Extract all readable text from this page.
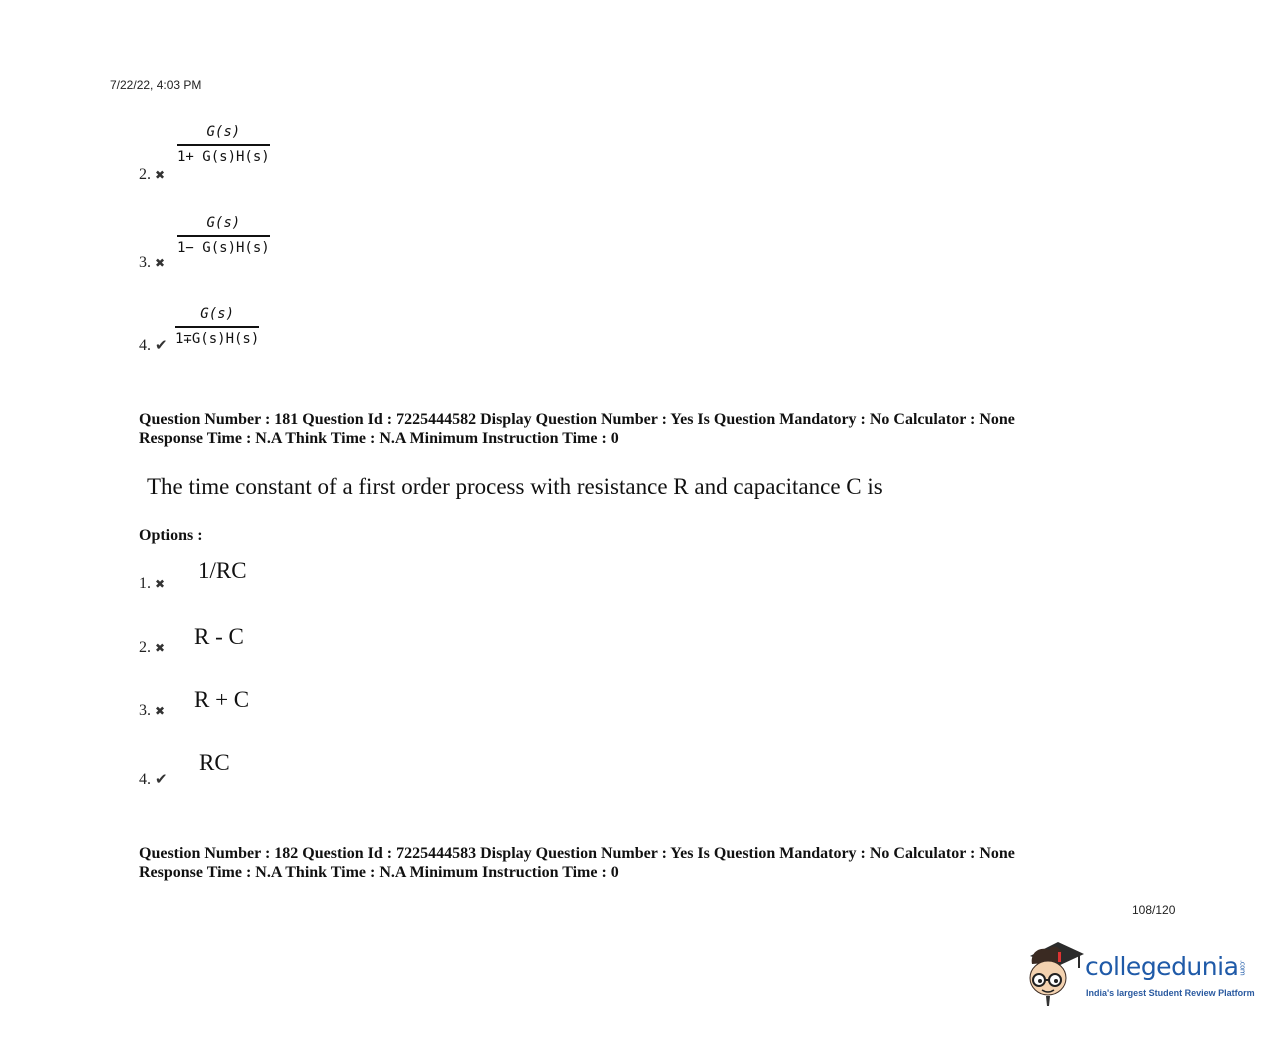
7/22/22, 4:03 PM
2. ✖
G(s)
1+ G(s)H(s)
3. ✖
G(s)
1− G(s)H(s)
4. ✔
G(s)
1∓G(s)H(s)
Question Number : 181 Question Id : 7225444582 Display Question Number : Yes Is Question Mandatory : No Calculator : None
Response Time : N.A Think Time : N.A Minimum Instruction Time : 0
The time constant of a first order process with resistance R and capacitance C is
Options :
1. ✖
1/RC
2. ✖ R - C
3. ✖ R + C
4. ✔
RC
Question Number : 182 Question Id : 7225444583 Display Question Number : Yes Is Question Mandatory : No Calculator : None
Response Time : N.A Think Time : N.A Minimum Instruction Time : 0
108/120
collegedunia.com
India's largest Student Review Platform
